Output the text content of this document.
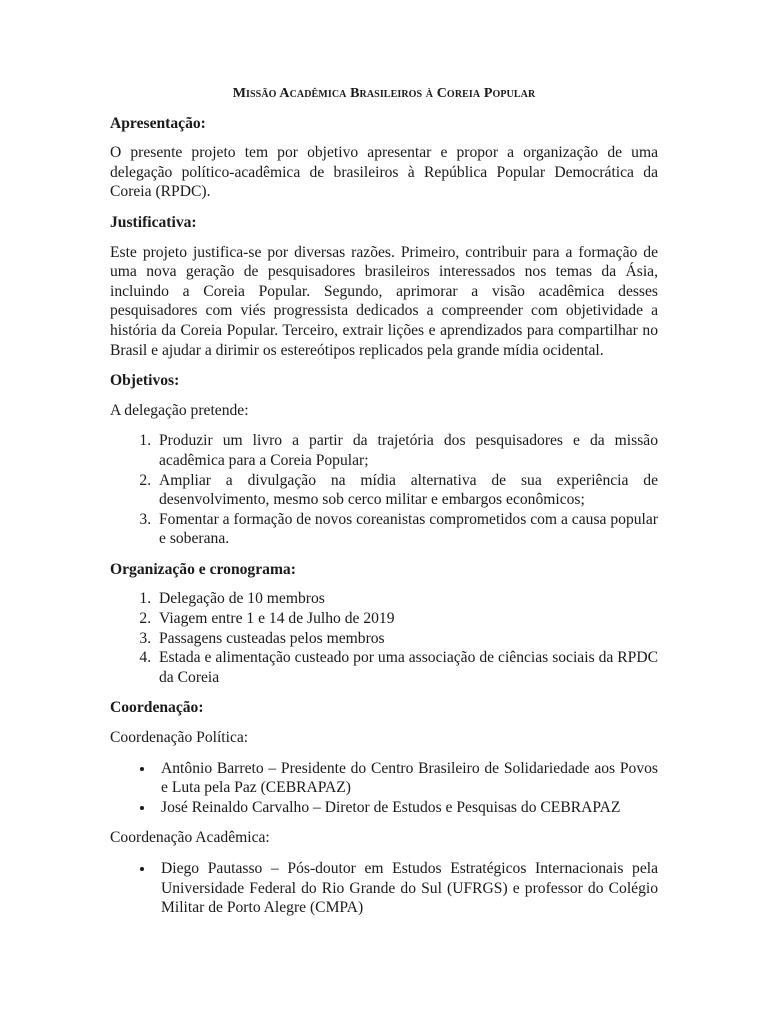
Missão Acadêmica Brasileiros à Coreia Popular
Apresentação:

O presente projeto tem por objetivo apresentar e propor a organização de uma delegação político-acadêmica de brasileiros à República Popular Democrática da Coreia (RPDC).

Justificativa:

Este projeto justifica-se por diversas razões. Primeiro, contribuir para a formação de uma nova geração de pesquisadores brasileiros interessados nos temas da Ásia, incluindo a Coreia Popular. Segundo, aprimorar a visão acadêmica desses pesquisadores com viés progressista dedicados a compreender com objetividade a história da Coreia Popular. Terceiro, extrair lições e aprendizados para compartilhar no Brasil e ajudar a dirimir os estereótipos replicados pela grande mídia ocidental.

Objetivos:

A delegação pretende:

1. Produzir um livro a partir da trajetória dos pesquisadores e da missão acadêmica para a Coreia Popular;
2. Ampliar a divulgação na mídia alternativa de sua experiência de desenvolvimento, mesmo sob cerco militar e embargos econômicos;
3. Fomentar a formação de novos coreanistas comprometidos com a causa popular e soberana.
Organização e cronograma:
1. Delegação de 10 membros
2. Viagem entre 1 e 14 de Julho de 2019
3. Passagens custeadas pelos membros
4. Estada e alimentação custeado por uma associação de ciências sociais da RPDC da Coreia
Coordenação:

Coordenação Política:

• Antônio Barreto – Presidente do Centro Brasileiro de Solidariedade aos Povos e Luta pela Paz (CEBRAPAZ)
• José Reinaldo Carvalho – Diretor de Estudos e Pesquisas do CEBRAPAZ

Coordenação Acadêmica:

• Diego Pautasso – Pós-doutor em Estudos Estratégicos Internacionais pela Universidade Federal do Rio Grande do Sul (UFRGS) e professor do Colégio Militar de Porto Alegre (CMPA)
